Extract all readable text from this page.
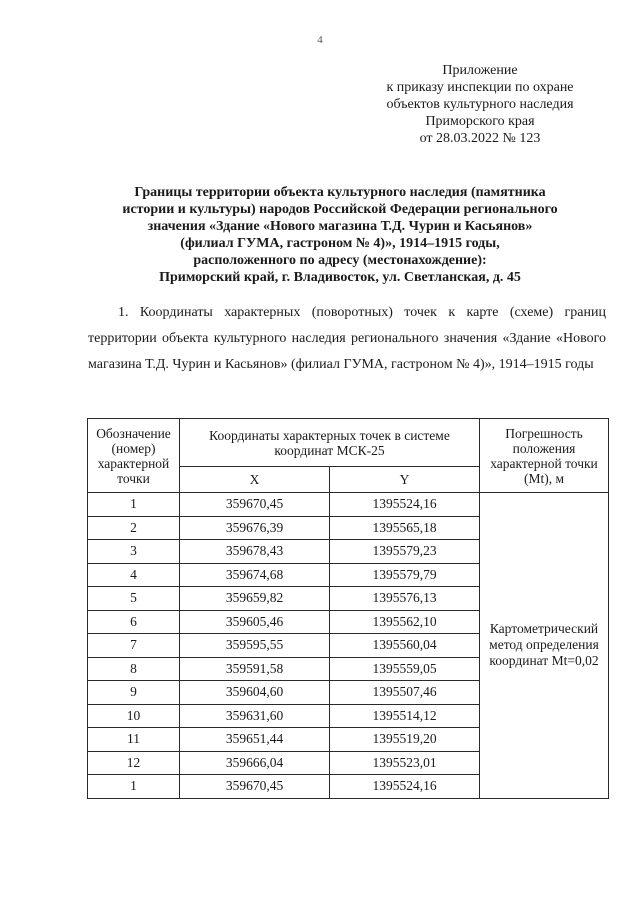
4
Приложение
к приказу инспекции по охране
объектов культурного наследия
Приморского края
от 28.03.2022 № 123
Границы территории объекта культурного наследия (памятника
истории и культуры) народов Российской Федерации регионального
значения «Здание «Нового магазина Т.Д. Чурин и Касьянов»
(филиал ГУМА, гастроном № 4)», 1914–1915 годы,
расположенного по адресу (местонахождение):
Приморский край, г. Владивосток, ул. Светланская, д. 45
1. Координаты характерных (поворотных) точек к карте (схеме) границ территории объекта культурного наследия регионального значения «Здание «Нового магазина Т.Д. Чурин и Касьянов» (филиал ГУМА, гастроном № 4)», 1914–1915 годы
Обозначение (номер) характерной точки	Координаты характерных точек в системе координат МСК-25		Погрешность положения характерной точки (Mt), м
	X	Y	
1	359670,45	1395524,16	Картометрический метод определения координат Mt=0,02
2	359676,39	1395565,18	
3	359678,43	1395579,23	
4	359674,68	1395579,79	
5	359659,82	1395576,13	
6	359605,46	1395562,10	
7	359595,55	1395560,04	
8	359591,58	1395559,05	
9	359604,60	1395507,46	
10	359631,60	1395514,12	
11	359651,44	1395519,20	
12	359666,04	1395523,01	
1	359670,45	1395524,16	
